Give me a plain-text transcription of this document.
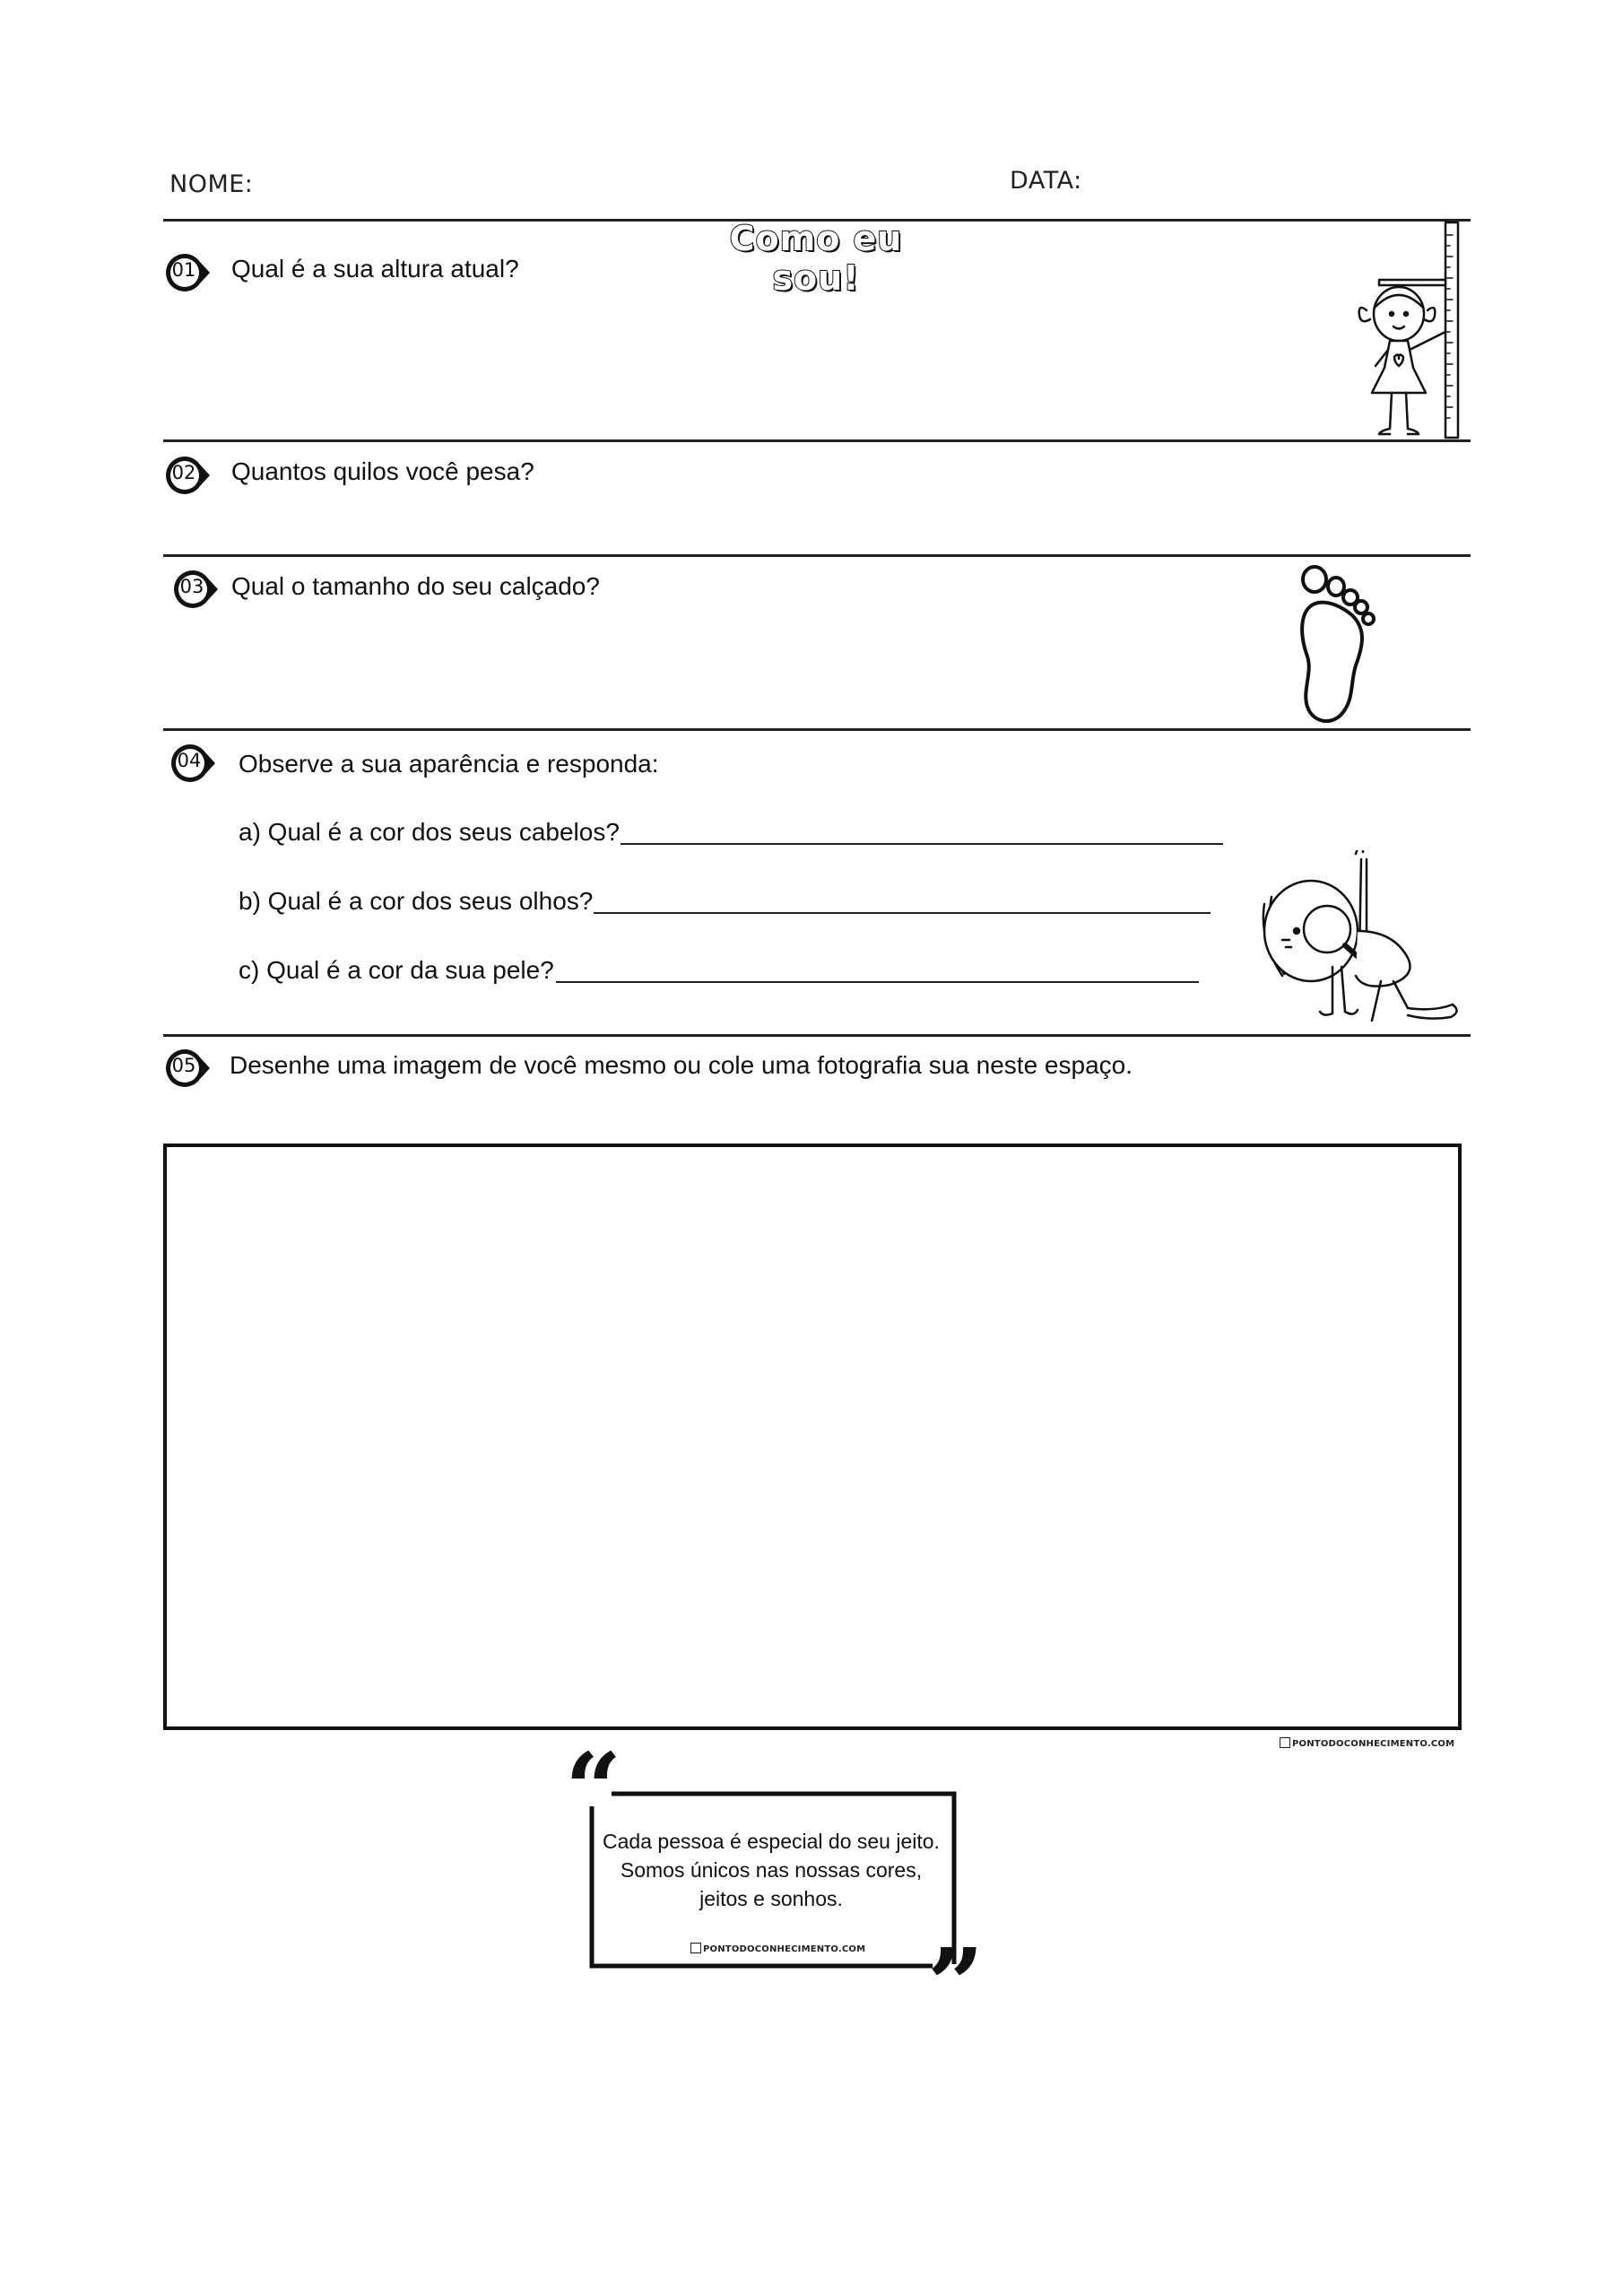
NOME:	DATA:
Como eu sou!
01 Qual é a sua altura atual?
02 Quantos quilos você pesa?
03 Qual o tamanho do seu calçado?
04 Observe a sua aparência e responda:
a) Qual é a cor dos seus cabelos?
b) Qual é a cor dos seus olhos?
c) Qual é a cor da sua pele?
05 Desenhe uma imagem de você mesmo ou cole uma fotografia sua neste espaço.
PONTODOCONHECIMENTO.COM
“
”
Cada pessoa é especial do seu jeito.
Somos únicos nas nossas cores,
jeitos e sonhos.
PONTODOCONHECIMENTO.COM
